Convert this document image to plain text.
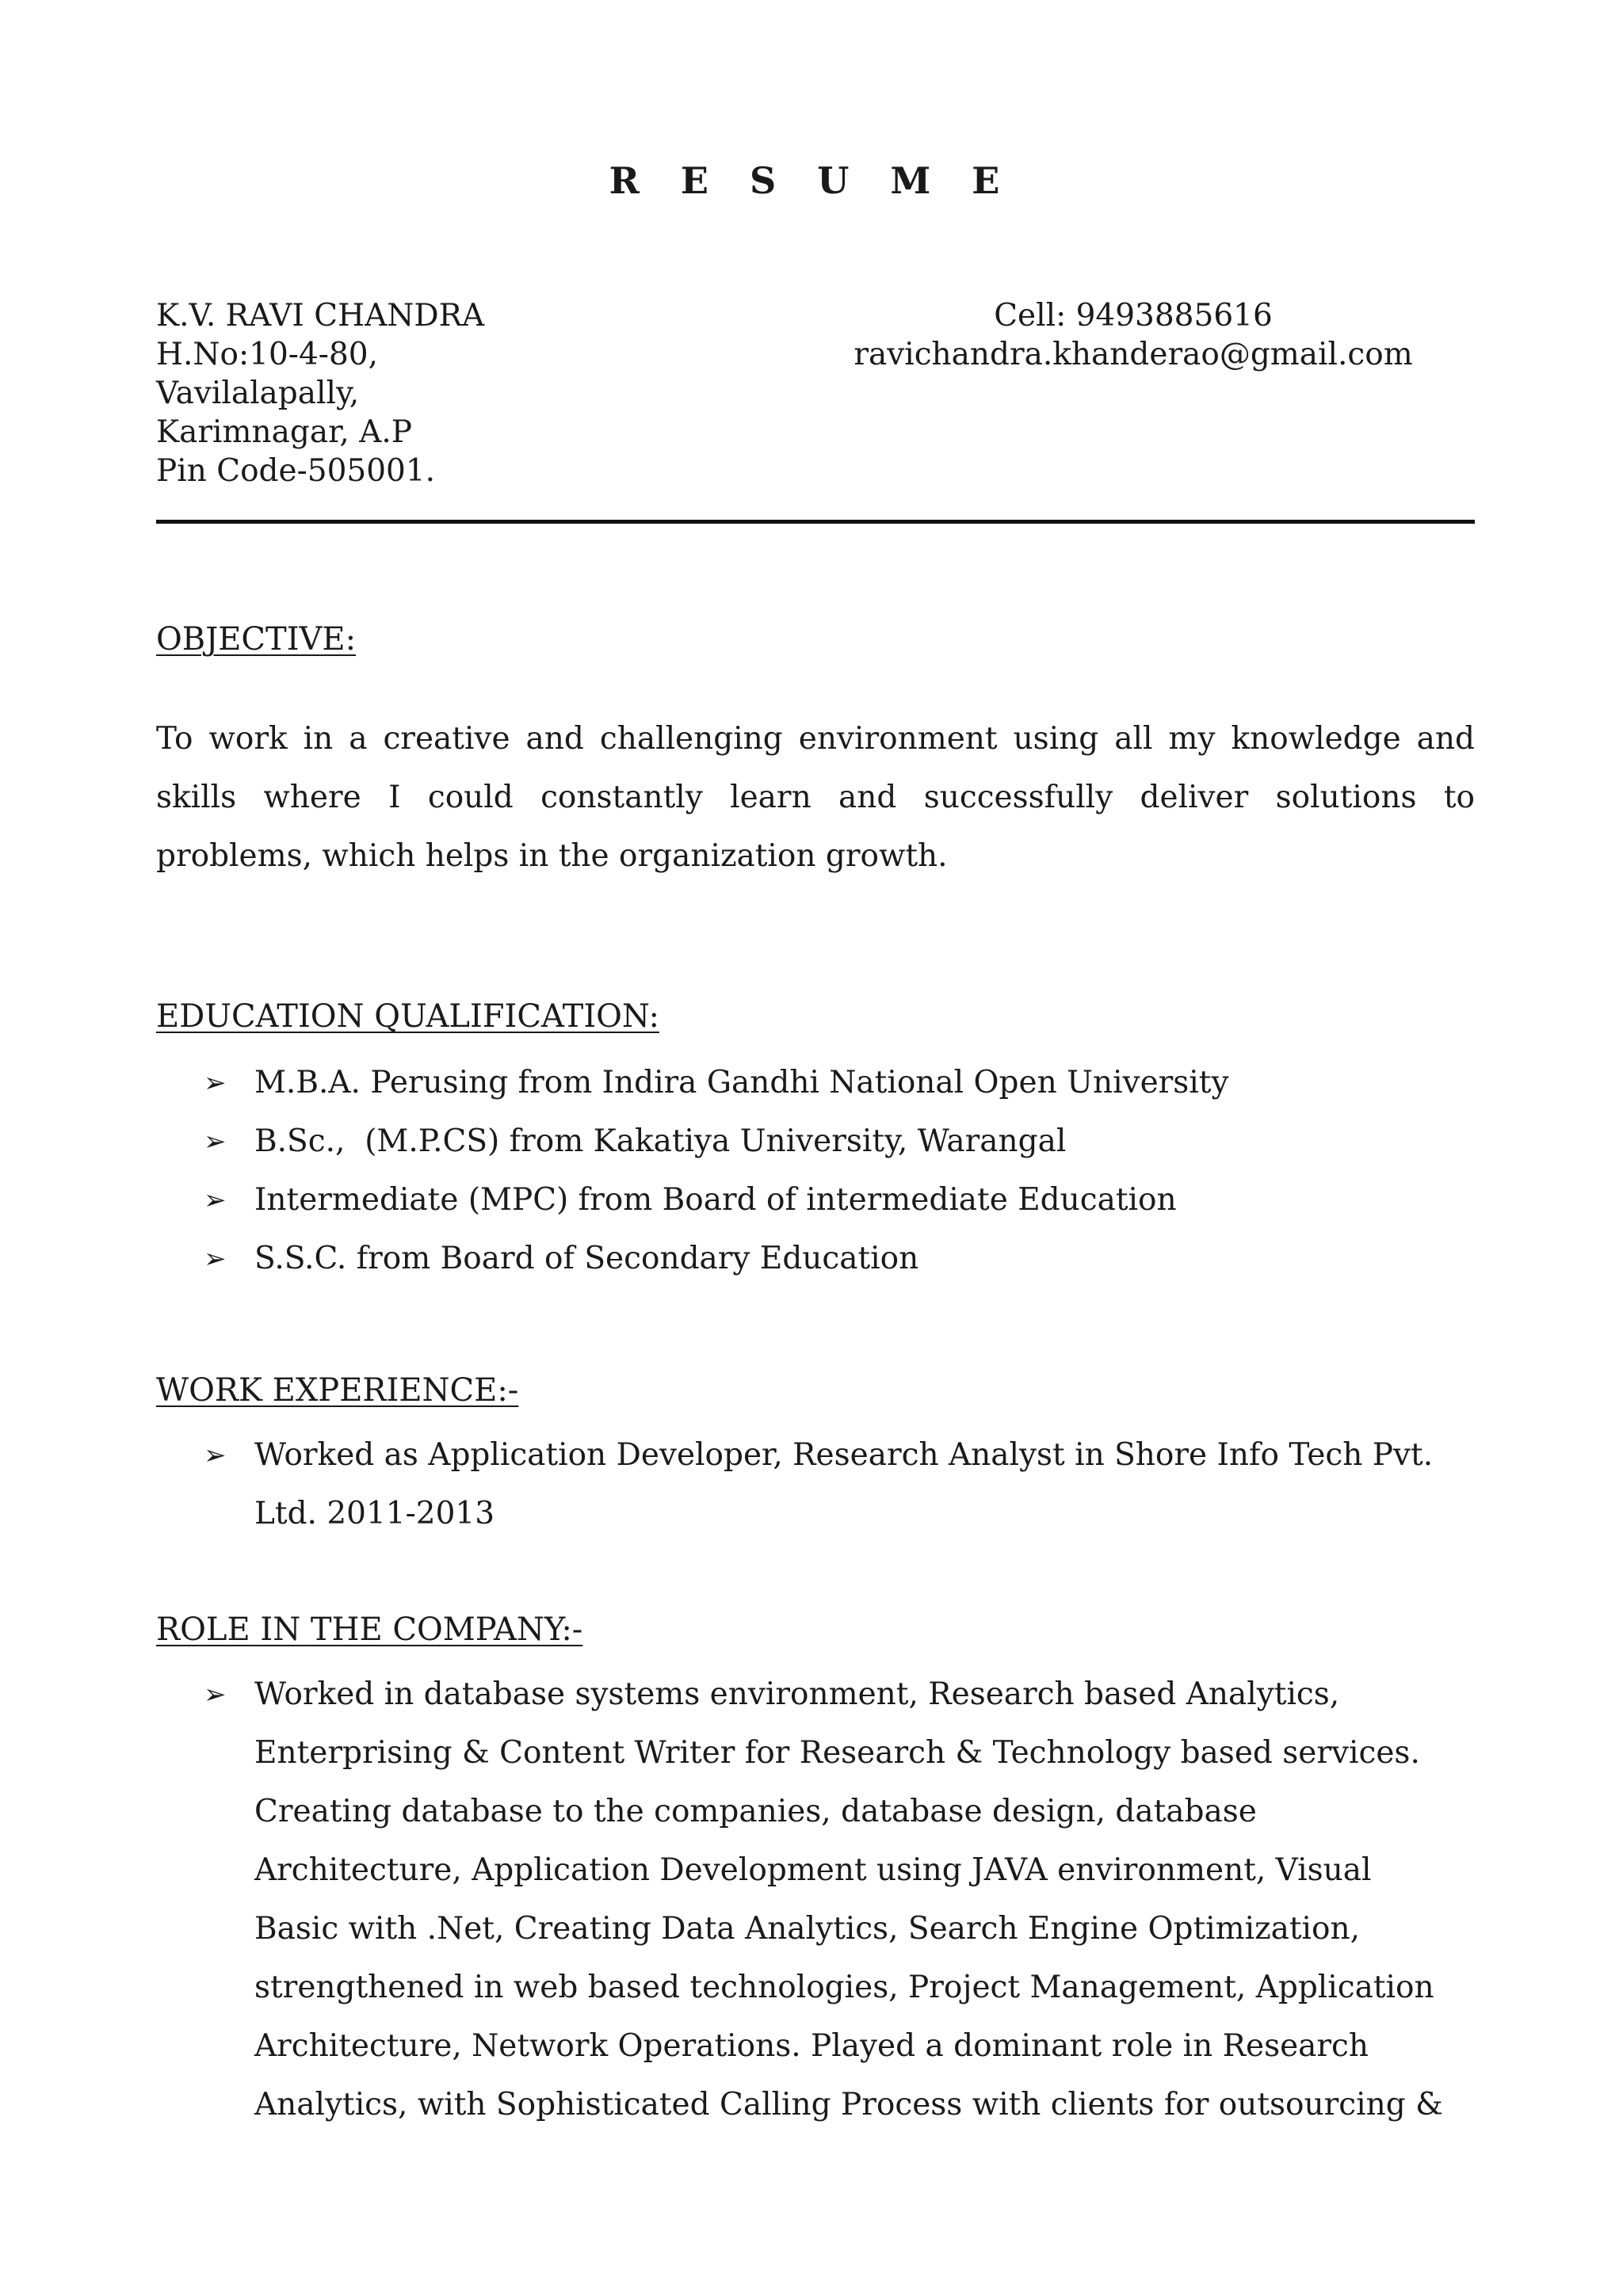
R E S U M E
K.V. RAVI CHANDRA
H.No:10-4-80,
Vavilalapally,
Karimnagar, A.P
Pin Code-505001.
Cell: 9493885616
ravichandra.khanderao@gmail.com
OBJECTIVE:
To work in a creative and challenging environment using all my knowledge and
skills where I could constantly learn and successfully deliver solutions to
problems, which helps in the organization growth.
EDUCATION QUALIFICATION:
➢ M.B.A. Perusing from Indira Gandhi National Open University
➢ B.Sc.,  (M.P.CS) from Kakatiya University, Warangal
➢ Intermediate (MPC) from Board of intermediate Education
➢ S.S.C. from Board of Secondary Education
WORK EXPERIENCE:-
➢ Worked as Application Developer, Research Analyst in Shore Info Tech Pvt.
Ltd. 2011-2013
ROLE IN THE COMPANY:-
➢ Worked in database systems environment, Research based Analytics,
Enterprising & Content Writer for Research & Technology based services.
Creating database to the companies, database design, database
Architecture, Application Development using JAVA environment, Visual
Basic with .Net, Creating Data Analytics, Search Engine Optimization,
strengthened in web based technologies, Project Management, Application
Architecture, Network Operations. Played a dominant role in Research
Analytics, with Sophisticated Calling Process with clients for outsourcing &
